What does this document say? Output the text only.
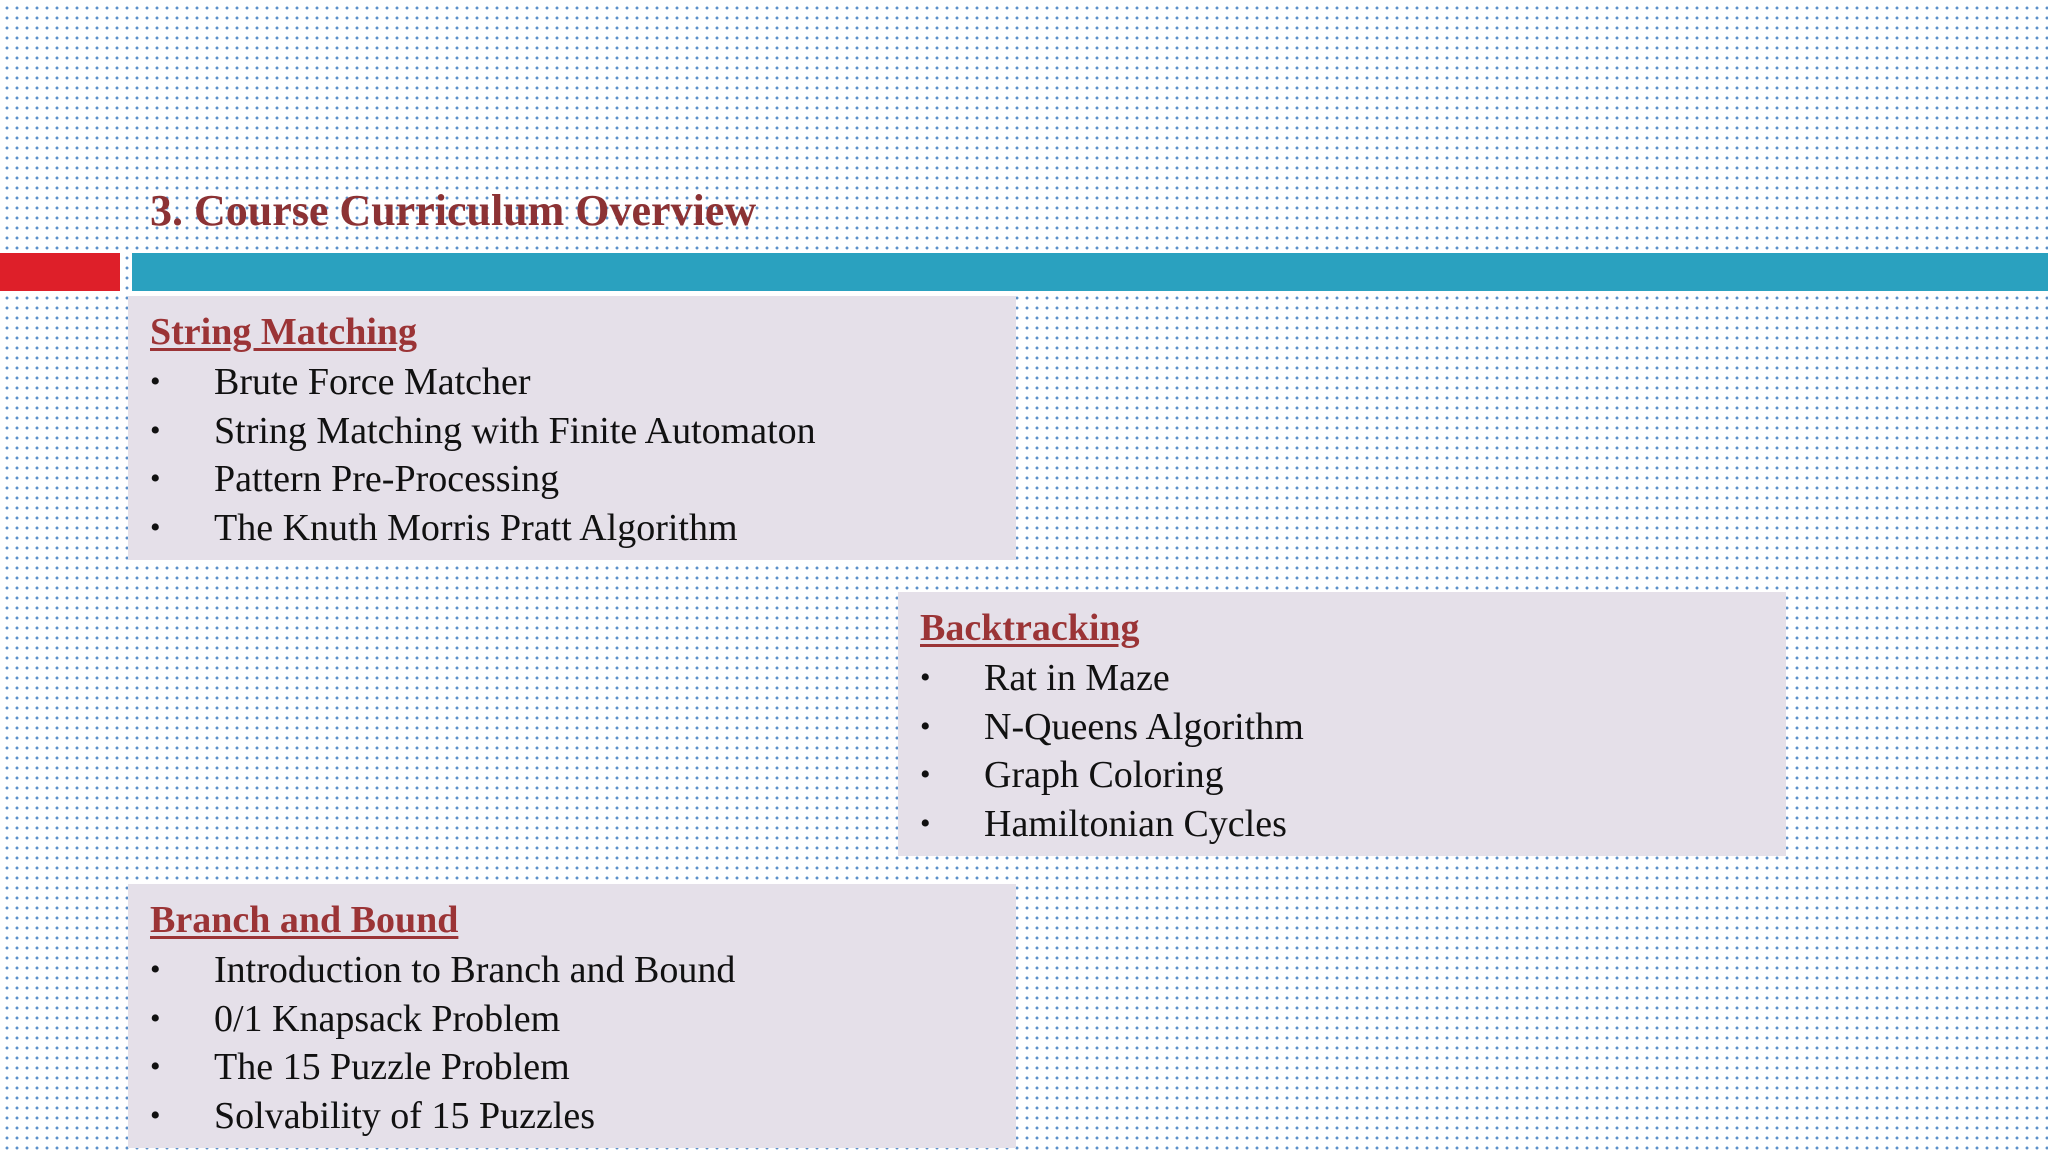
3. Course Curriculum Overview
String Matching
• Brute Force Matcher
• String Matching with Finite Automaton
• Pattern Pre-Processing
• The Knuth Morris Pratt Algorithm
Backtracking
• Rat in Maze
• N-Queens Algorithm
• Graph Coloring
• Hamiltonian Cycles
Branch and Bound
• Introduction to Branch and Bound
• 0/1 Knapsack Problem
• The 15 Puzzle Problem
• Solvability of 15 Puzzles
